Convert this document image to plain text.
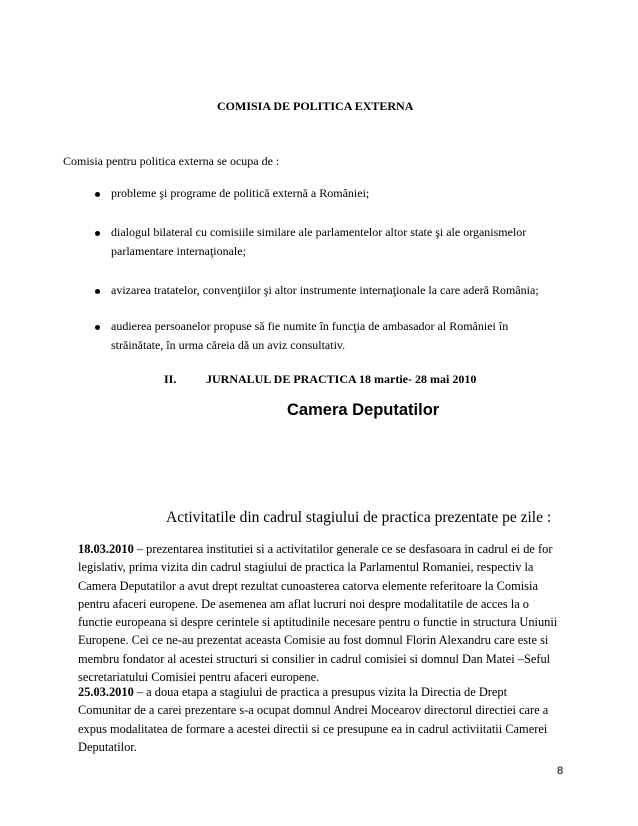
COMISIA DE POLITICA EXTERNA
Comisia pentru politica externa se ocupa de :
probleme şi programe de politică externă a României;
dialogul bilateral cu comisiile similare ale parlamentelor altor state şi ale organismelor
parlamentare internaţionale;
avizarea tratatelor, convenţiilor şi altor instrumente internaţionale la care aderă România;
audierea persoanelor propuse să fie numite în funcţia de ambasador al României în
străinătate, în urma căreia dă un aviz consultativ.
II. JURNALUL DE PRACTICA 18 martie- 28 mai 2010
Camera Deputatilor
Activitatile din cadrul stagiului de practica prezentate pe zile :
18.03.2010 – prezentarea institutiei si a activitatilor generale ce se desfasoara in cadrul ei de for
legislativ, prima vizita din cadrul stagiului de practica la Parlamentul Romaniei, respectiv la
Camera Deputatilor a avut drept rezultat cunoasterea catorva elemente referitoare la Comisia
pentru afaceri europene. De asemenea am aflat lucruri noi despre modalitatile de acces la o
functie europeana si despre cerintele si aptitudinile necesare pentru o functie in structura Uniunii
Europene. Cei ce ne-au prezentat aceasta Comisie au fost domnul Florin Alexandru care este si
membru fondator al acestei structuri si consilier in cadrul comisiei si domnul Dan Matei –Seful
secretariatului Comisiei pentru afaceri europene.
25.03.2010 – a doua etapa a stagiului de practica a presupus vizita la Directia de Drept
Comunitar de a carei prezentare s-a ocupat domnul Andrei Mocearov directorul directiei care a
expus modalitatea de formare a acestei directii si ce presupune ea in cadrul activiitatii Camerei
Deputatilor.
8
